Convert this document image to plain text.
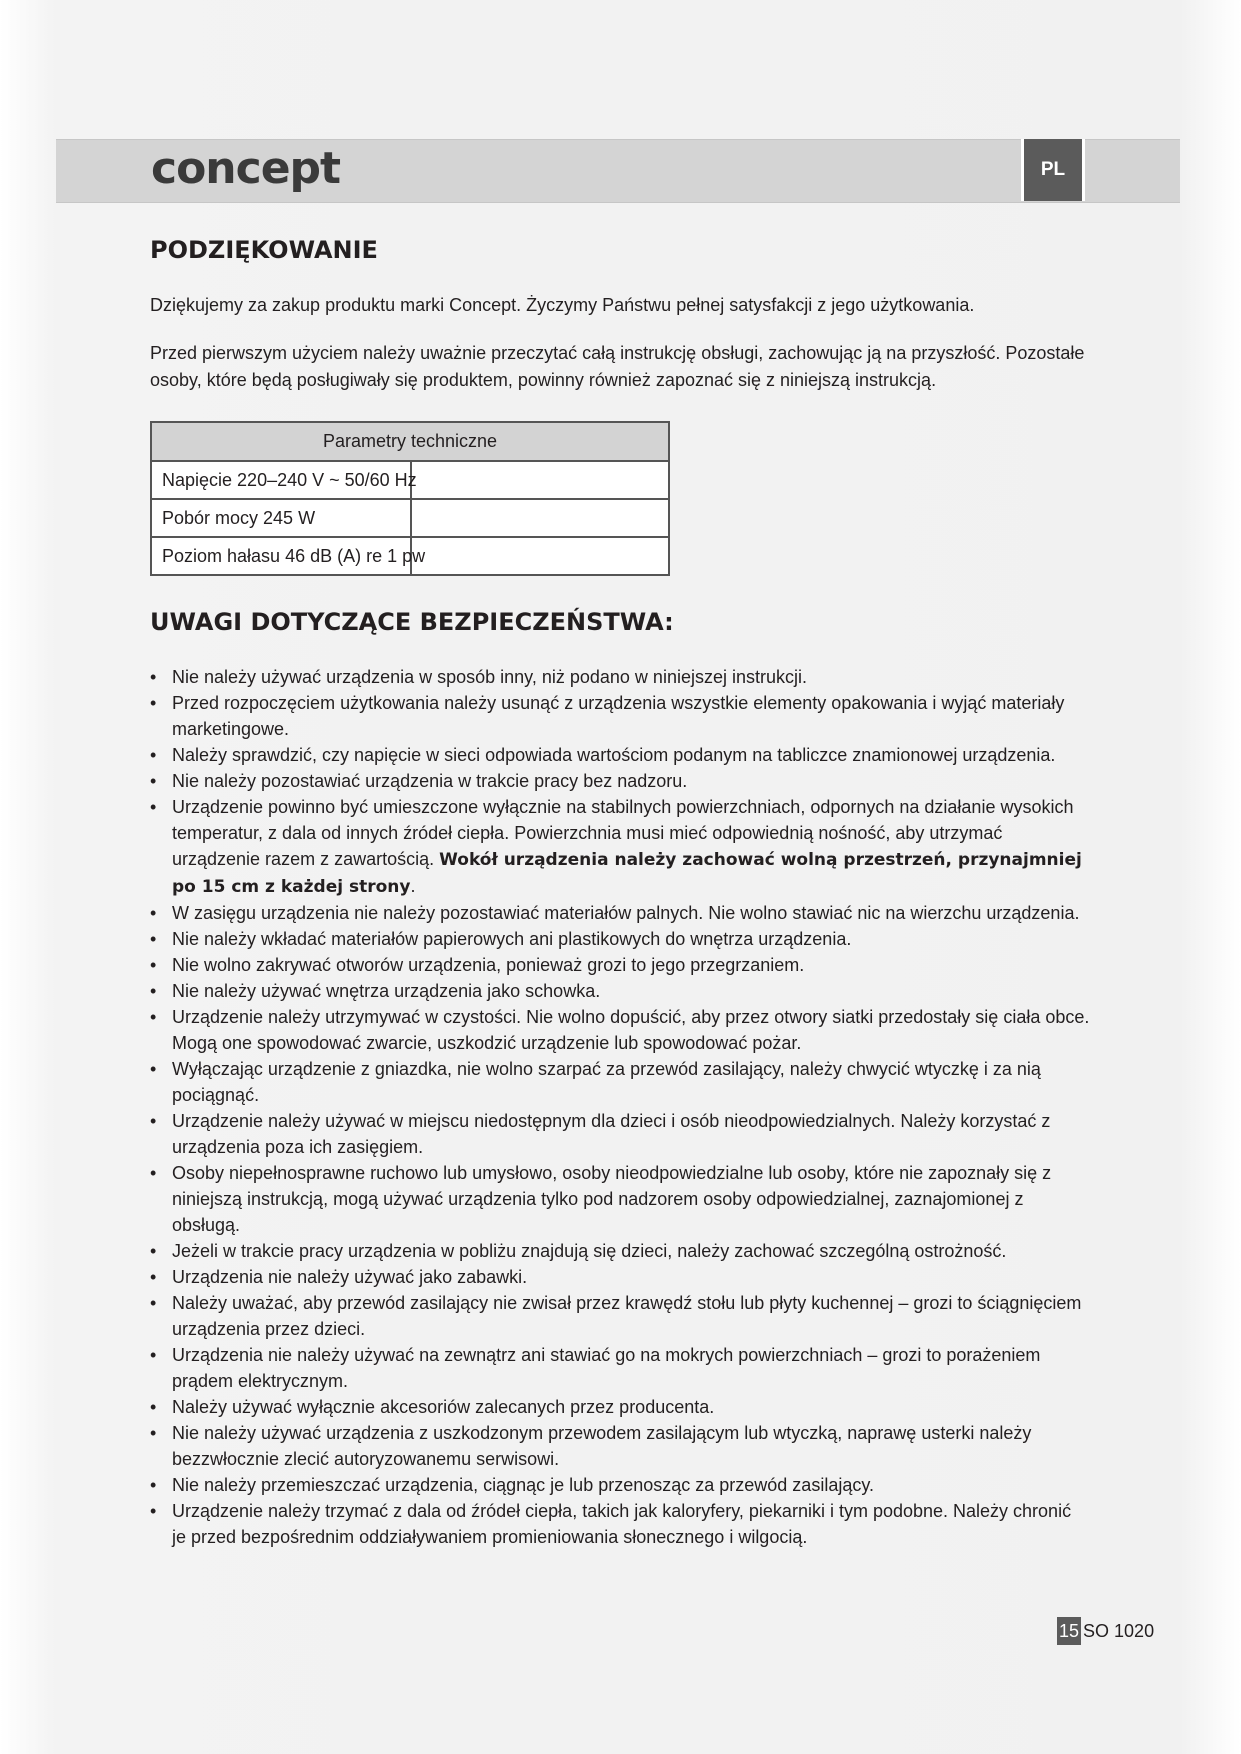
concept	PL
PODZIĘKOWANIE

Dziękujemy za zakup produktu marki Concept. Życzymy Państwu pełnej satysfakcji z jego użytkowania.

Przed pierwszym użyciem należy uważnie przeczytać całą instrukcję obsługi, zachowując ją na przyszłość. Pozostałe osoby, które będą posługiwały się produktem, powinny również zapoznać się z niniejszą instrukcją.

Parametry techniczne

Napięcie 220–240 V ~ 50/60 Hz

Pobór mocy 245 W

Poziom hałasu 46 dB (A) re 1 pw
UWAGI DOTYCZĄCE BEZPIECZEŃSTWA:
• Nie należy używać urządzenia w sposób inny, niż podano w niniejszej instrukcji.
• Przed rozpoczęciem użytkowania należy usunąć z urządzenia wszystkie elementy opakowania i wyjąć materiały marketingowe.
• Należy sprawdzić, czy napięcie w sieci odpowiada wartościom podanym na tabliczce znamionowej urządzenia.
• Nie należy pozostawiać urządzenia w trakcie pracy bez nadzoru.
• Urządzenie powinno być umieszczone wyłącznie na stabilnych powierzchniach, odpornych na działanie wysokich temperatur, z dala od innych źródeł ciepła. Powierzchnia musi mieć odpowiednią nośność, aby utrzymać urządzenie razem z zawartością. Wokół urządzenia należy zachować wolną przestrzeń, przynajmniej po 15 cm z każdej strony.
• W zasięgu urządzenia nie należy pozostawiać materiałów palnych. Nie wolno stawiać nic na wierzchu urządzenia.
• Nie należy wkładać materiałów papierowych ani plastikowych do wnętrza urządzenia.
• Nie wolno zakrywać otworów urządzenia, ponieważ grozi to jego przegrzaniem.
• Nie należy używać wnętrza urządzenia jako schowka.
• Urządzenie należy utrzymywać w czystości. Nie wolno dopuścić, aby przez otwory siatki przedostały się ciała obce. Mogą one spowodować zwarcie, uszkodzić urządzenie lub spowodować pożar.
• Wyłączając urządzenie z gniazdka, nie wolno szarpać za przewód zasilający, należy chwycić wtyczkę i za nią pociągnąć.
• Urządzenie należy używać w miejscu niedostępnym dla dzieci i osób nieodpowiedzialnych. Należy korzystać z urządzenia poza ich zasięgiem.
• Osoby niepełnosprawne ruchowo lub umysłowo, osoby nieodpowiedzialne lub osoby, które nie zapoznały się z niniejszą instrukcją, mogą używać urządzenia tylko pod nadzorem osoby odpowiedzialnej, zaznajomionej z obsługą.
• Jeżeli w trakcie pracy urządzenia w pobliżu znajdują się dzieci, należy zachować szczególną ostrożność.
• Urządzenia nie należy używać jako zabawki.
• Należy uważać, aby przewód zasilający nie zwisał przez krawędź stołu lub płyty kuchennej – grozi to ściągnięciem urządzenia przez dzieci.
• Urządzenia nie należy używać na zewnątrz ani stawiać go na mokrych powierzchniach – grozi to porażeniem prądem elektrycznym.
• Należy używać wyłącznie akcesoriów zalecanych przez producenta.
• Nie należy używać urządzenia z uszkodzonym przewodem zasilającym lub wtyczką, naprawę usterki należy bezzwłocznie zlecić autoryzowanemu serwisowi.
• Nie należy przemieszczać urządzenia, ciągnąc je lub przenosząc za przewód zasilający.
• Urządzenie należy trzymać z dala od źródeł ciepła, takich jak kaloryfery, piekarniki i tym podobne. Należy chronić je przed bezpośrednim oddziaływaniem promieniowania słonecznego i wilgocią.
15 SO 1020
